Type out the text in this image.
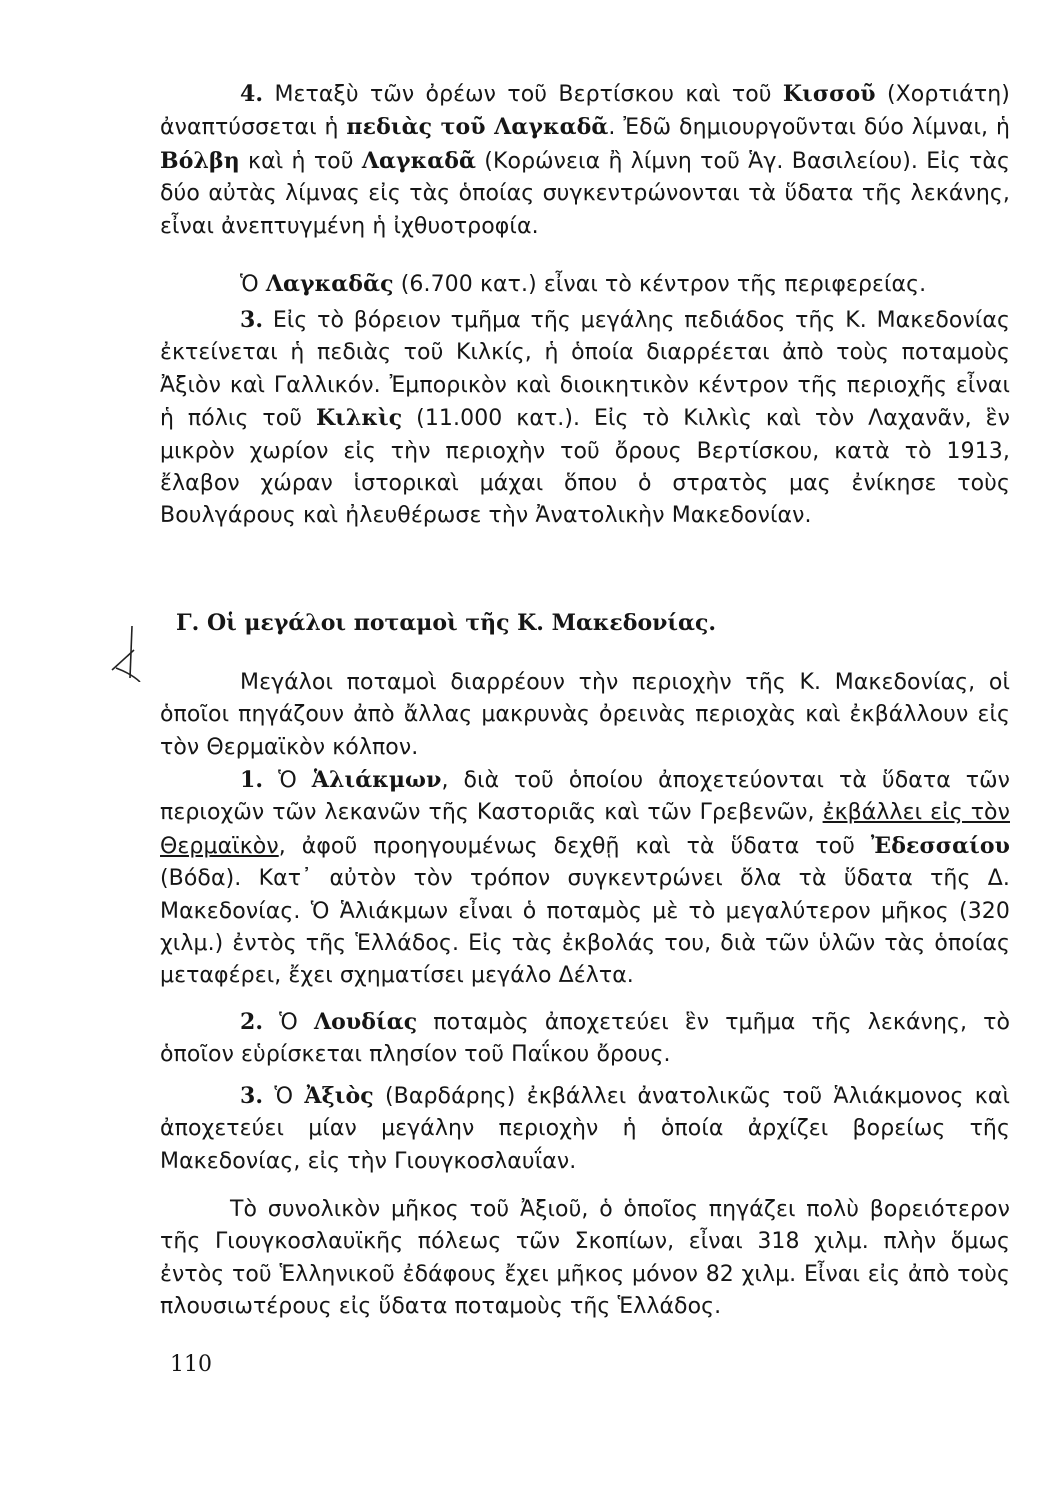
4. Μεταξὺ τῶν ὀρέων τοῦ Βερτίσκου καὶ τοῦ Κισσοῦ (Χορτιάτη) ἀναπτύσσεται ἡ πεδιὰς τοῦ Λαγκαδᾶ. Ἐδῶ δημιουργοῦνται δύο λίμναι, ἡ Βόλβη καὶ ἡ τοῦ Λαγκαδᾶ (Κορώνεια ἢ λίμνη τοῦ Ἁγ. Βασιλείου). Εἰς τὰς δύο αὐτὰς λίμνας εἰς τὰς ὁποίας συγκεντρώνονται τὰ ὕδατα τῆς λεκάνης, εἶναι ἀνεπτυγμένη ἡ ἰχθυοτροφία.

Ὁ Λαγκαδᾶς (6.700 κατ.) εἶναι τὸ κέντρον τῆς περιφερείας.

3. Εἰς τὸ βόρειον τμῆμα τῆς μεγάλης πεδιάδος τῆς Κ. Μακεδονίας ἐκτείνεται ἡ πεδιὰς τοῦ Κιλκίς, ἡ ὁποία διαρρέεται ἀπὸ τοὺς ποταμοὺς Ἀξιὸν καὶ Γαλλικόν. Ἐμπορικὸν καὶ διοικητικὸν κέντρον τῆς περιοχῆς εἶναι ἡ πόλις τοῦ Κιλκὶς (11.000 κατ.). Εἰς τὸ Κιλκὶς καὶ τὸν Λαχανᾶν, ἓν μικρὸν χωρίον εἰς τὴν περιοχὴν τοῦ ὄρους Βερτίσκου, κατὰ τὸ 1913, ἔλαβον χώραν ἱστορικαὶ μάχαι ὅπου ὁ στρατὸς μας ἐνίκησε τοὺς Βουλγάρους καὶ ἠλευθέρωσε τὴν Ἀνατολικὴν Μακεδονίαν.

Γ. Οἱ μεγάλοι ποταμοὶ τῆς Κ. Μακεδονίας.

Μεγάλοι ποταμοὶ διαρρέουν τὴν περιοχὴν τῆς Κ. Μακεδονίας, οἱ ὁποῖοι πηγάζουν ἀπὸ ἄλλας μακρυνὰς ὀρεινὰς περιοχὰς καὶ ἐκβάλλουν εἰς τὸν Θερμαϊκὸν κόλπον.

1. Ὁ Ἁλιάκμων, διὰ τοῦ ὁποίου ἀποχετεύονται τὰ ὕδατα τῶν περιοχῶν τῶν λεκανῶν τῆς Καστοριᾶς καὶ τῶν Γρεβενῶν, ἐκβάλλει εἰς τὸν Θερμαϊκὸν, ἀφοῦ προηγουμένως δεχθῇ καὶ τὰ ὕδατα τοῦ Ἐδεσσαίου (Βόδα). Κατ᾽ αὐτὸν τὸν τρόπον συγκεντρώνει ὅλα τὰ ὕδατα τῆς Δ. Μακεδονίας. Ὁ Ἁλιάκμων εἶναι ὁ ποταμὸς μὲ τὸ μεγαλύτερον μῆκος (320 χιλμ.) ἐντὸς τῆς Ἑλλάδος. Εἰς τὰς ἐκβολάς του, διὰ τῶν ὑλῶν τὰς ὁποίας μεταφέρει, ἔχει σχηματίσει μεγάλο Δέλτα.

2. Ὁ Λουδίας ποταμὸς ἀποχετεύει ἓν τμῆμα τῆς λεκάνης, τὸ ὁποῖον εὑρίσκεται πλησίον τοῦ Παΐκου ὄρους.

3. Ὁ Ἀξιὸς (Βαρδάρης) ἐκβάλλει ἀνατολικῶς τοῦ Ἁλιάκμονος καὶ ἀποχετεύει μίαν μεγάλην περιοχὴν ἡ ὁποία ἀρχίζει βορείως τῆς Μακεδονίας, εἰς τὴν Γιουγκοσλαυΐαν.

Τὸ συνολικὸν μῆκος τοῦ Ἀξιοῦ, ὁ ὁποῖος πηγάζει πολὺ βορειότερον τῆς Γιουγκοσλαυϊκῆς πόλεως τῶν Σκοπίων, εἶναι 318 χιλμ. πλὴν ὅμως ἐντὸς τοῦ Ἑλληνικοῦ ἐδάφους ἔχει μῆκος μόνον 82 χιλμ. Εἶναι εἰς ἀπὸ τοὺς πλουσιωτέρους εἰς ὕδατα ποταμοὺς τῆς Ἑλλάδος.

110
